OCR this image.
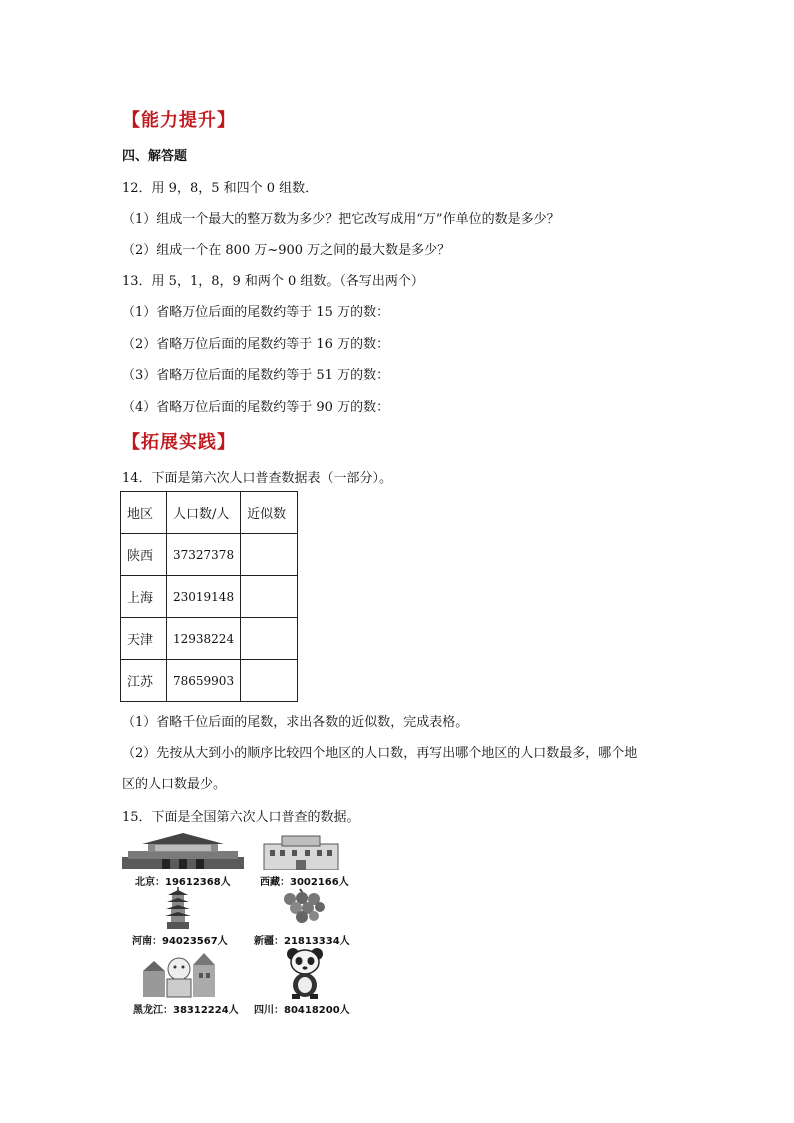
【能力提升】
四、解答题
12．用 9，8，5 和四个 0 组数．
（1）组成一个最大的整万数为多少？把它改写成用“万”作单位的数是多少？
（2）组成一个在 800 万~900 万之间的最大数是多少？
13．用 5，1，8，9 和两个 0 组数。（各写出两个）
（1）省略万位后面的尾数约等于 15 万的数：
（2）省略万位后面的尾数约等于 16 万的数：
（3）省略万位后面的尾数约等于 51 万的数：
（4）省略万位后面的尾数约等于 90 万的数：
【拓展实践】
14．下面是第六次人口普查数据表（一部分）。
地区	人口数/人	近似数
陕西	37327378	
上海	23019148	
天津	12938224	
江苏	78659903	
（1）省略千位后面的尾数，求出各数的近似数，完成表格。
（2）先按从大到小的顺序比较四个地区的人口数，再写出哪个地区的人口数最多，哪个地
区的人口数最少。
15．下面是全国第六次人口普查的数据。
北京：19612368人	西藏：3002166人
河南：94023567人	新疆：21813334人
黑龙江：38312224人 四川：80418200人
